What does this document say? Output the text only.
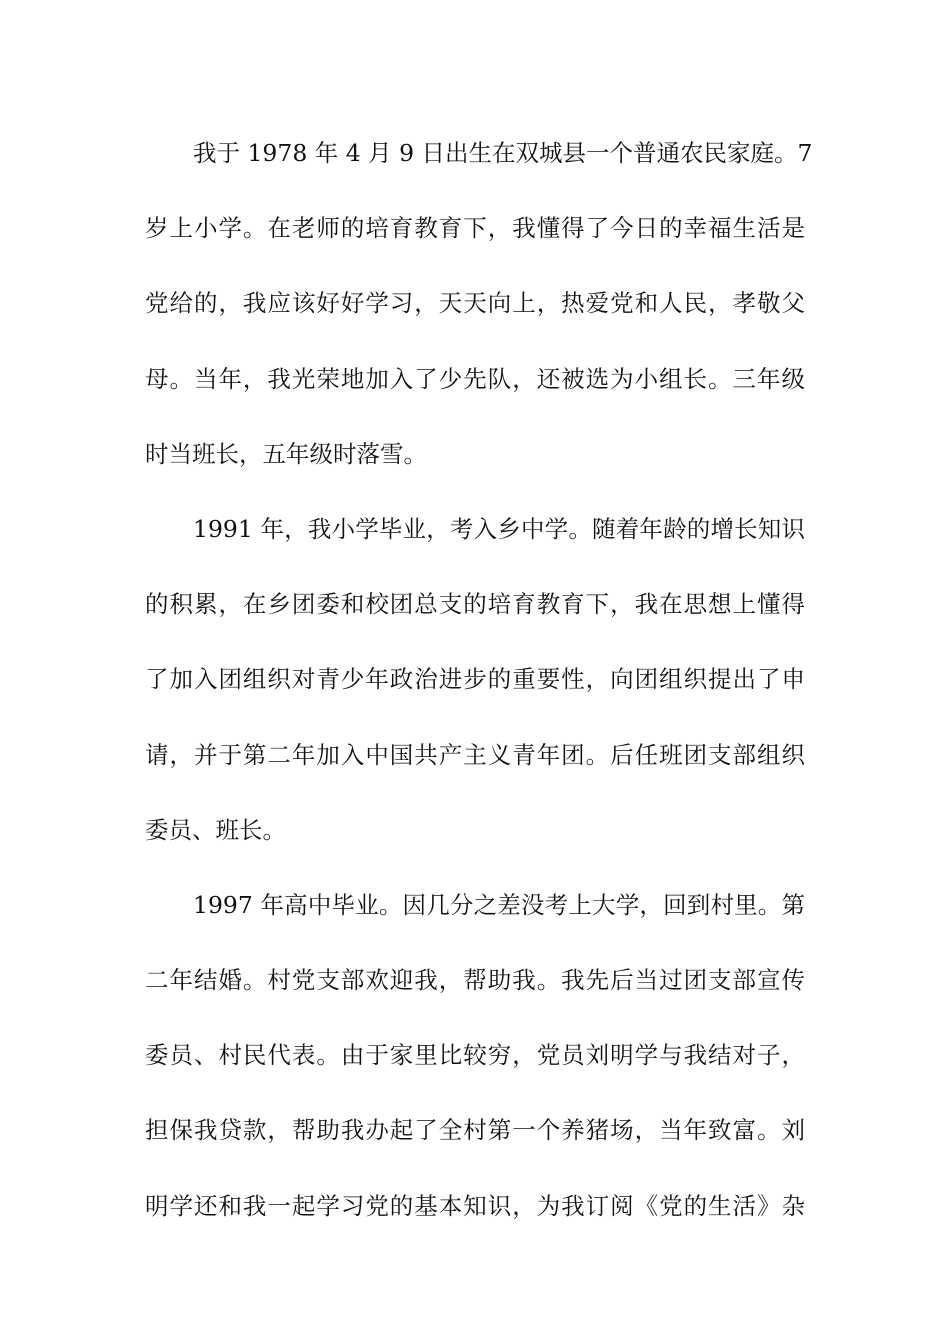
我于 1978 年 4 月 9 日出生在双城县一个普通农民家庭。7
岁上小学。在老师的培育教育下，我懂得了今日的幸福生活是
党给的，我应该好好学习，天天向上，热爱党和人民，孝敬父
母。当年，我光荣地加入了少先队，还被选为小组长。三年级
时当班长，五年级时落雪。
1991 年，我小学毕业，考入乡中学。随着年龄的增长知识
的积累，在乡团委和校团总支的培育教育下，我在思想上懂得
了加入团组织对青少年政治进步的重要性，向团组织提出了申
请，并于第二年加入中国共产主义青年团。后任班团支部组织
委员、班长。
1997 年高中毕业。因几分之差没考上大学，回到村里。第
二年结婚。村党支部欢迎我，帮助我。我先后当过团支部宣传
委员、村民代表。由于家里比较穷，党员刘明学与我结对子，
担保我贷款，帮助我办起了全村第一个养猪场，当年致富。刘
明学还和我一起学习党的基本知识，为我订阅《党的生活》杂
